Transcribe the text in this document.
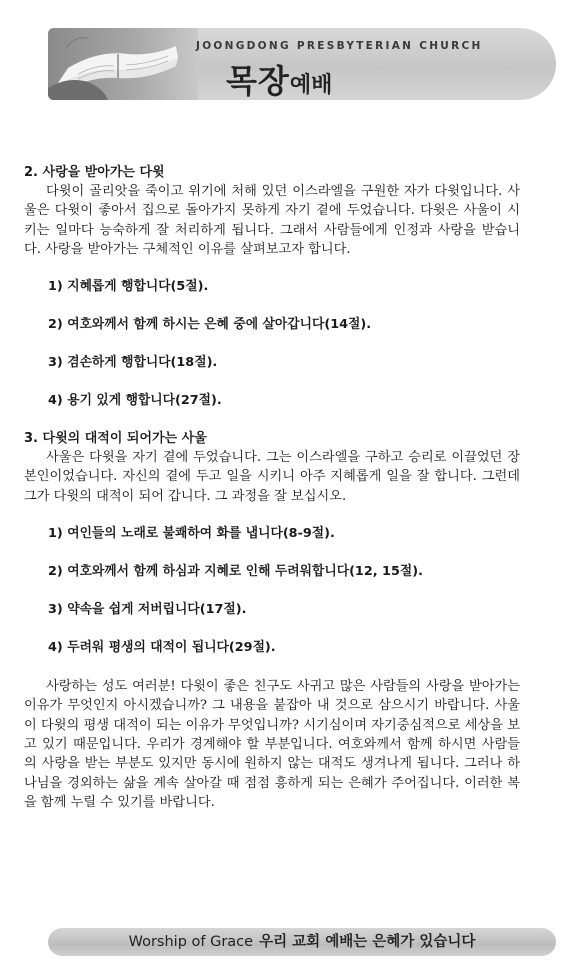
JOONGDONG PRESBYTERIAN CHURCH
목장예배
2. 사랑을 받아가는 다윗
다윗이 골리앗을 죽이고 위기에 처해 있던 이스라엘을 구원한 자가 다윗입니다. 사울은 다윗이 좋아서 집으로 돌아가지 못하게 자기 곁에 두었습니다. 다윗은 사울이 시키는 일마다 능숙하게 잘 처리하게 됩니다. 그래서 사람들에게 인정과 사랑을 받습니다. 사랑을 받아가는 구체적인 이유를 살펴보고자 합니다.
1) 지혜롭게 행합니다(5절).
2) 여호와께서 함께 하시는 은혜 중에 살아갑니다(14절).
3) 겸손하게 행합니다(18절).
4) 용기 있게 행합니다(27절).
3. 다윗의 대적이 되어가는 사울
사울은 다윗을 자기 곁에 두었습니다. 그는 이스라엘을 구하고 승리로 이끌었던 장본인이었습니다. 자신의 곁에 두고 일을 시키니 아주 지혜롭게 일을 잘 합니다. 그런데 그가 다윗의 대적이 되어 갑니다. 그 과정을 잘 보십시오.
1) 여인들의 노래로 불쾌하여 화를 냅니다(8-9절).
2) 여호와께서 함께 하심과 지혜로 인해 두려워합니다(12, 15절).
3) 약속을 쉽게 저버립니다(17절).
4) 두려워 평생의 대적이 됩니다(29절).
사랑하는 성도 여러분! 다윗이 좋은 친구도 사귀고 많은 사람들의 사랑을 받아가는 이유가 무엇인지 아시겠습니까? 그 내용을 붙잡아 내 것으로 삼으시기 바랍니다. 사울이 다윗의 평생 대적이 되는 이유가 무엇입니까? 시기심이며 자기중심적으로 세상을 보고 있기 때문입니다. 우리가 경계해야 할 부분입니다. 여호와께서 함께 하시면 사람들의 사랑을 받는 부분도 있지만 동시에 원하지 않는 대적도 생겨나게 됩니다. 그러나 하나님을 경외하는 삶을 계속 살아갈 때 점점 흥하게 되는 은혜가 주어집니다. 이러한 복을 함께 누릴 수 있기를 바랍니다.
Worship of Grace 우리 교회 예배는 은혜가 있습니다
